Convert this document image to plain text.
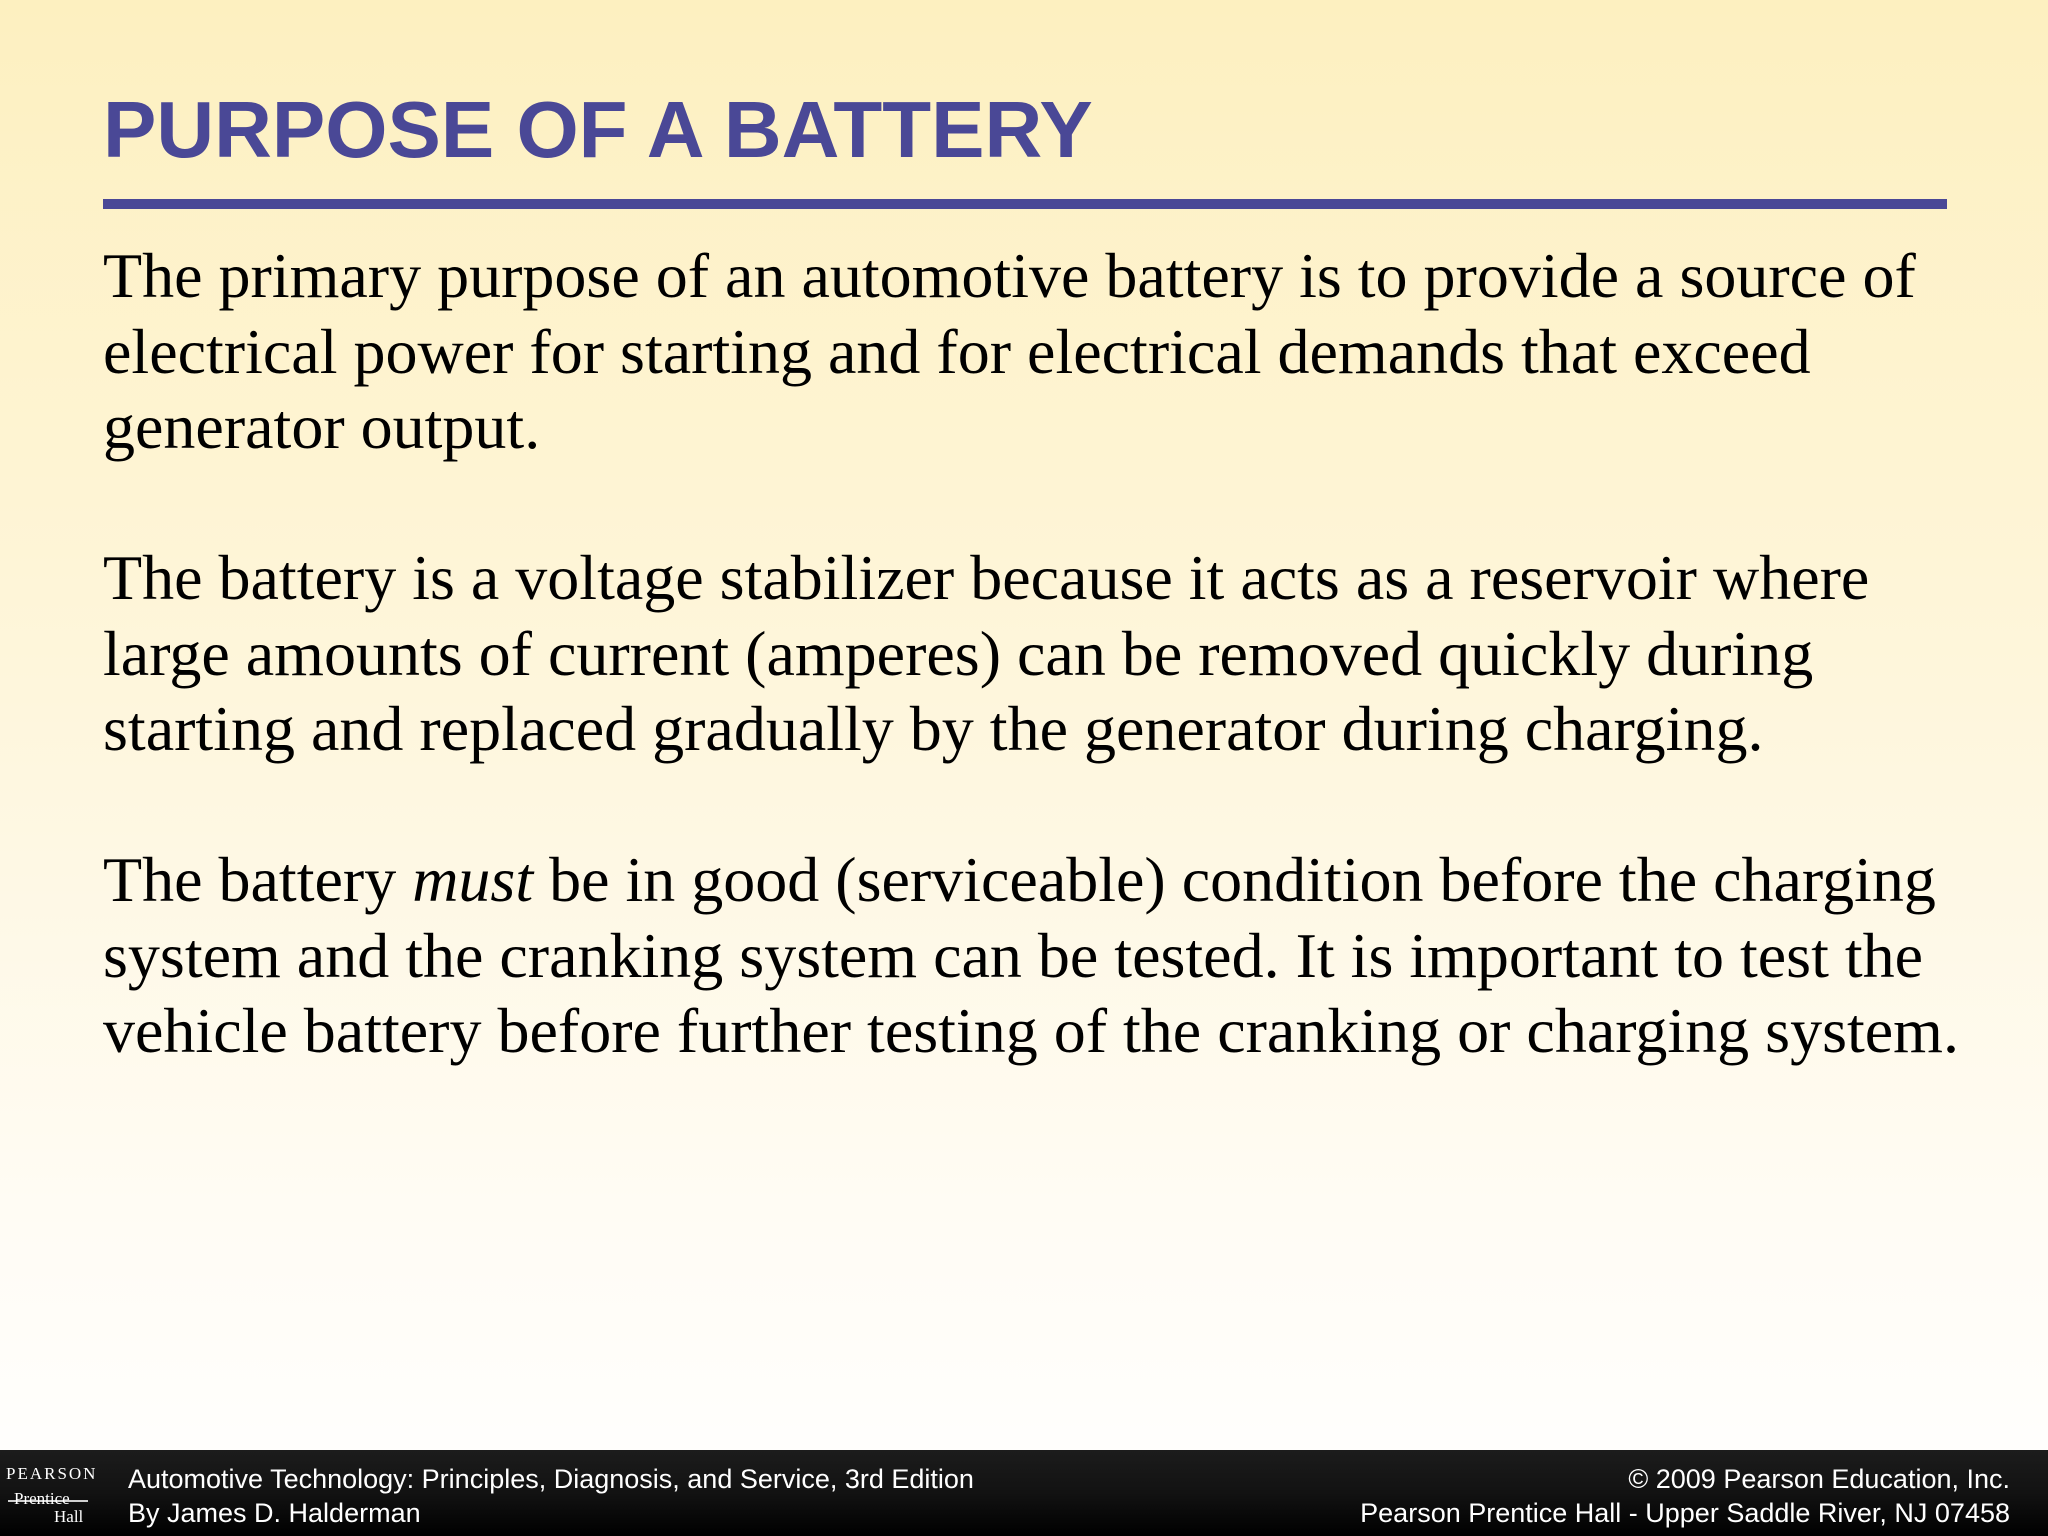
PURPOSE OF A BATTERY

The primary purpose of an automotive battery is to provide a source of electrical power for starting and for electrical demands that exceed generator output.

The battery is a voltage stabilizer because it acts as a reservoir where large amounts of current (amperes) can be removed quickly during starting and replaced gradually by the generator during charging.

The battery must be in good (serviceable) condition before the charging system and the cranking system can be tested. It is important to test the vehicle battery before further testing of the cranking or charging system.

PEARSON
Prentice
Hall
Automotive Technology: Principles, Diagnosis, and Service, 3rd Edition
By James D. Halderman
© 2009 Pearson Education, Inc.
Pearson Prentice Hall - Upper Saddle River, NJ 07458
